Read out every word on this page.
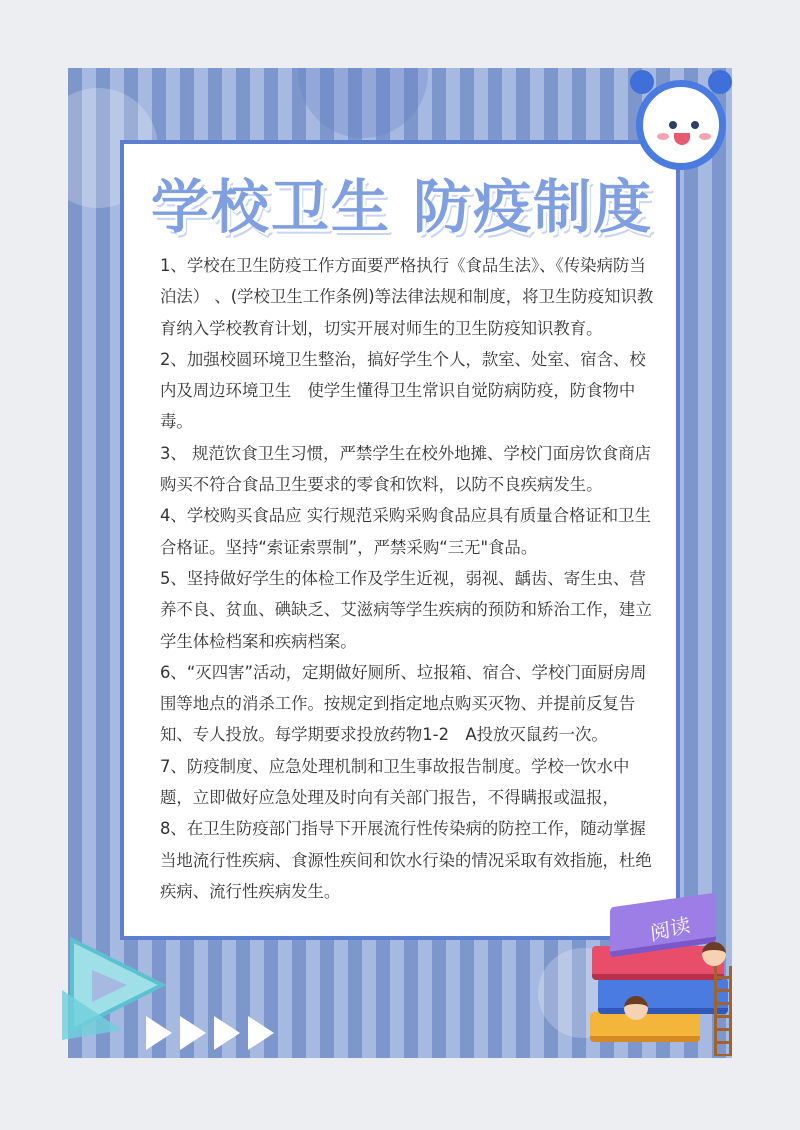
学校卫生 防疫制度

1、学校在卫生防疫工作方面要严格执行《食品生法》、《传染病防当泊法） 、(学校卫生工作条例)等法律法规和制度，将卫生防疫知识教育纳入学校教育计划，切实开展对师生的卫生防疫知识教育。

2、加强校圆环境卫生整治，搞好学生个人，款室、处室、宿含、校内及周边环境卫生　使学生懂得卫生常识自觉防病防疫，防食物中毒。

3、 规范饮食卫生习惯，严禁学生在校外地摊、学校门面房饮食商店购买不符合食品卫生要求的零食和饮料，以防不良疾病发生。

4、学校购买食品应 实行规范采购采购食品应具有质量合格证和卫生合格证。坚持“索证索票制”，严禁采购“三无"食品。

5、坚持做好学生的体检工作及学生近视，弱视、龋齿、寄生虫、营养不良、贫血、碘缺乏、艾滋病等学生疾病的预防和矫治工作，建立学生体检档案和疾病档案。

6、“灭四害”活动，定期做好厕所、垃报箱、宿合、学校门面厨房周围等地点的消杀工作。按规定到指定地点购买灭物、并提前反复告知、专人投放。每学期要求投放药物1-2　A投放灭鼠药一次。

7、防疫制度、应急处理机制和卫生事故报告制度。学校一饮水中题，立即做好应急处理及时向有关部门报告，不得瞒报或温报，

8、在卫生防疫部门指导下开展流行性传染病的防控工作，随动掌握当地流行性疾病、食源性疾间和饮水行染的情况采取有效指施，杜绝疾病、流行性疾病发生。

阅读
